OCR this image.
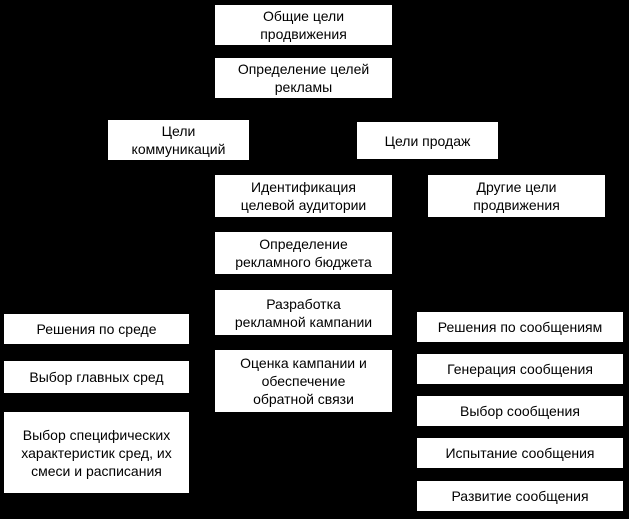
Общие цели
продвижения
Определение целей
рекламы
Цели
коммуникаций
Цели продаж
Идентификация
целевой аудитории
Другие цели
продвижения
Определение
рекламного бюджета
Разработка
рекламной кампании
Оценка кампании и
обеспечение
обратной связи
Решения по среде
Выбор главных сред
Выбор специфических
характеристик сред, их
смеси и расписания
Решения по сообщениям
Генерация сообщения
Выбор сообщения
Испытание сообщения
Развитие сообщения
